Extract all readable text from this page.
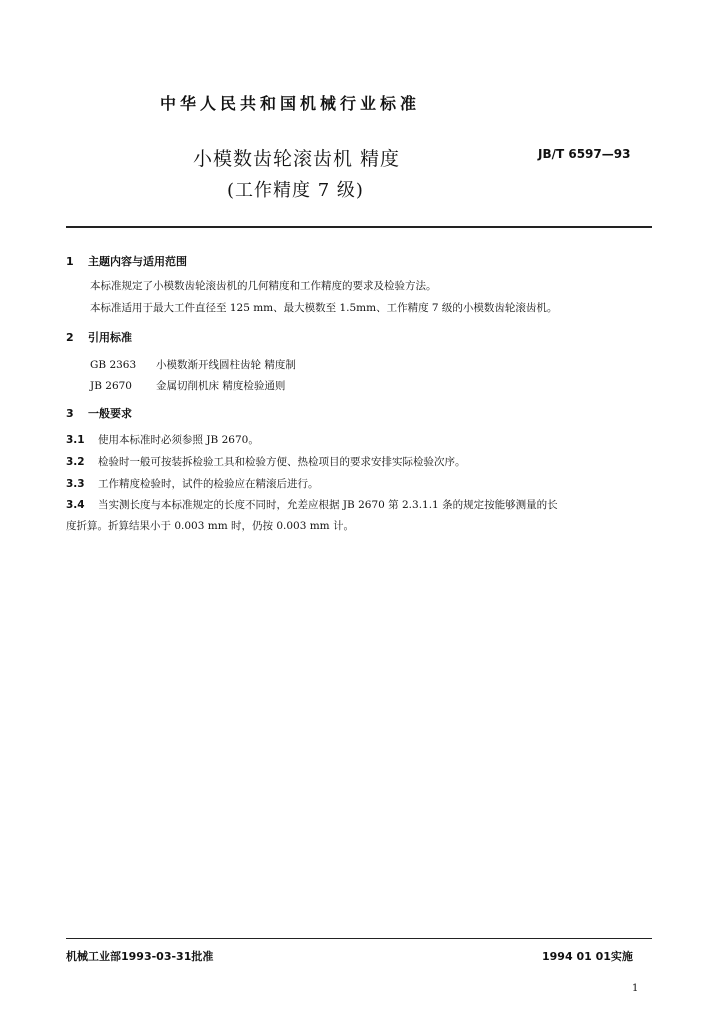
中华人民共和国机械行业标准
小模数齿轮滚齿机 精度
(工作精度 7 级)
JB/T 6597—93
1 主题内容与适用范围
本标准规定了小模数齿轮滚齿机的几何精度和工作精度的要求及检验方法。
本标准适用于最大工件直径至 125 mm、最大模数至 1.5mm、工作精度 7 级的小模数齿轮滚齿机。
2 引用标准
GB 2363 小模数渐开线圆柱齿轮 精度制
JB 2670 金属切削机床 精度检验通则
3 一般要求
3.1 使用本标准时必须参照 JB 2670。
3.2 检验时一般可按装拆检验工具和检验方便、热检项目的要求安排实际检验次序。
3.3 工作精度检验时，试件的检验应在精滚后进行。
3.4 当实测长度与本标准规定的长度不同时，允差应根据 JB 2670 第 2.3.1.1 条的规定按能够测量的长
度折算。折算结果小于 0.003 mm 时，仍按 0.003 mm 计。
机械工业部1993-03-31批准	1994 01 01实施
1
